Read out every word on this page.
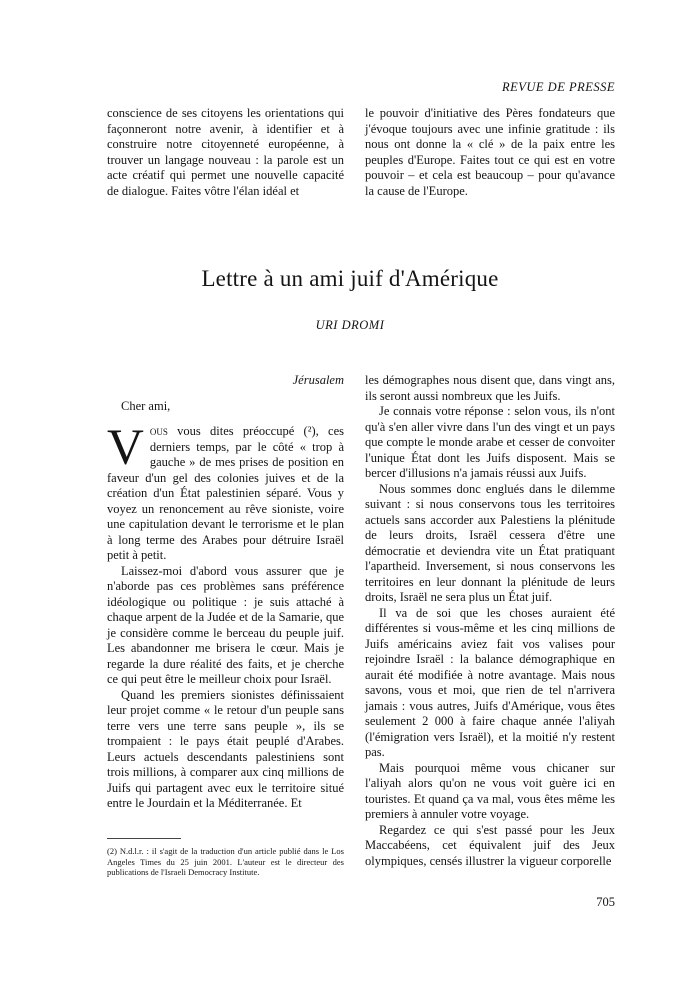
REVUE DE PRESSE

conscience de ses citoyens les orientations qui façonneront notre avenir, à identifier et à construire notre citoyenneté européenne, à trouver un langage nouveau : la parole est un acte créatif qui permet une nouvelle capacité de dialogue. Faites vôtre l'élan idéal et

le pouvoir d'initiative des Pères fondateurs que j'évoque toujours avec une infinie gratitude : ils nous ont donne la « clé » de la paix entre les peuples d'Europe. Faites tout ce qui est en votre pouvoir – et cela est beaucoup – pour qu'avance la cause de l'Europe.

Lettre à un ami juif d'Amérique
URI DROMI

Jérusalem

Cher ami,

Vous vous dites préoccupé (²), ces derniers temps, par le côté « trop à gauche » de mes prises de position en faveur d'un gel des colonies juives et de la création d'un État palestinien séparé. Vous y voyez un renoncement au rêve sioniste, voire une capitulation devant le terrorisme et le plan à long terme des Arabes pour détruire Israël petit à petit.

Laissez-moi d'abord vous assurer que je n'aborde pas ces problèmes sans préférence idéologique ou politique : je suis attaché à chaque arpent de la Judée et de la Samarie, que je considère comme le berceau du peuple juif. Les abandonner me brisera le cœur. Mais je regarde la dure réalité des faits, et je cherche ce qui peut être le meilleur choix pour Israël.

Quand les premiers sionistes définissaient leur projet comme « le retour d'un peuple sans terre vers une terre sans peuple », ils se trompaient : le pays était peuplé d'Arabes. Leurs actuels descendants palestiniens sont trois millions, à comparer aux cinq millions de Juifs qui partagent avec eux le territoire situé entre le Jourdain et la Méditerranée. Et

les démographes nous disent que, dans vingt ans, ils seront aussi nombreux que les Juifs.

Je connais votre réponse : selon vous, ils n'ont qu'à s'en aller vivre dans l'un des vingt et un pays que compte le monde arabe et cesser de convoiter l'unique État dont les Juifs disposent. Mais se bercer d'illusions n'a jamais réussi aux Juifs.

Nous sommes donc englués dans le dilemme suivant : si nous conservons tous les territoires actuels sans accorder aux Palestiens la plénitude de leurs droits, Israël cessera d'être une démocratie et deviendra vite un État pratiquant l'apartheid. Inversement, si nous conservons les territoires en leur donnant la plénitude de leurs droits, Israël ne sera plus un État juif.

Il va de soi que les choses auraient été différentes si vous-même et les cinq millions de Juifs américains aviez fait vos valises pour rejoindre Israël : la balance démographique en aurait été modifiée à notre avantage. Mais nous savons, vous et moi, que rien de tel n'arrivera jamais : vous autres, Juifs d'Amérique, vous êtes seulement 2 000 à faire chaque année l'aliyah (l'émigration vers Israël), et la moitié n'y restent pas.

Mais pourquoi même vous chicaner sur l'aliyah alors qu'on ne vous voit guère ici en touristes. Et quand ça va mal, vous êtes même les premiers à annuler votre voyage.

Regardez ce qui s'est passé pour les Jeux Maccabéens, cet équivalent juif des Jeux olympiques, censés illustrer la vigueur corporelle

(2) N.d.l.r. : il s'agit de la traduction d'un article publié dans le Los Angeles Times du 25 juin 2001. L'auteur est le directeur des publications de l'Israeli Democracy Institute.
705
